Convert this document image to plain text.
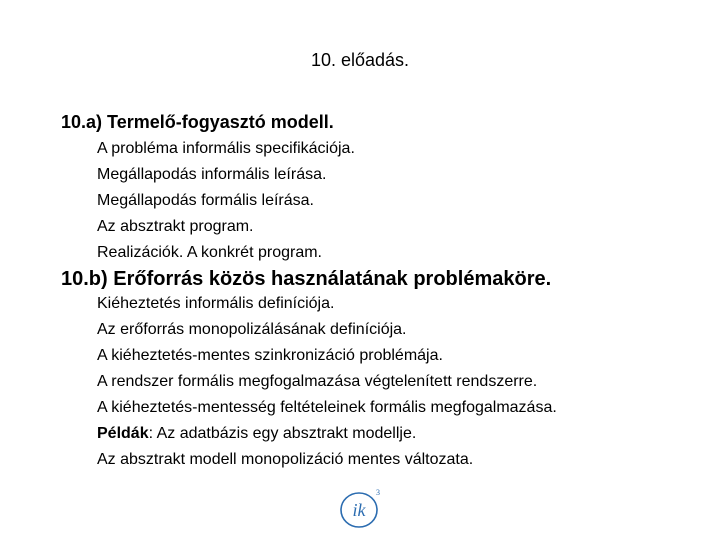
10. előadás.
10.a) Termelő-fogyasztó modell.
A probléma informális specifikációja.
Megállapodás informális leírása.
Megállapodás formális leírása.
Az absztrakt program.
Realizációk. A konkrét program.
10.b) Erőforrás közös használatának problémaköre.
Kiéheztetés informális definíciója.
Az erőforrás monopolizálásának definíciója.
A kiéheztetés-mentes szinkronizáció problémája.
A rendszer formális megfogalmazása végtelenített rendszerre.
A kiéheztetés-mentesség feltételeinek formális megfogalmazása.
Példák: Az adatbázis egy absztrakt modellje.
Az absztrakt modell monopolizáció mentes változata.
ik
3
